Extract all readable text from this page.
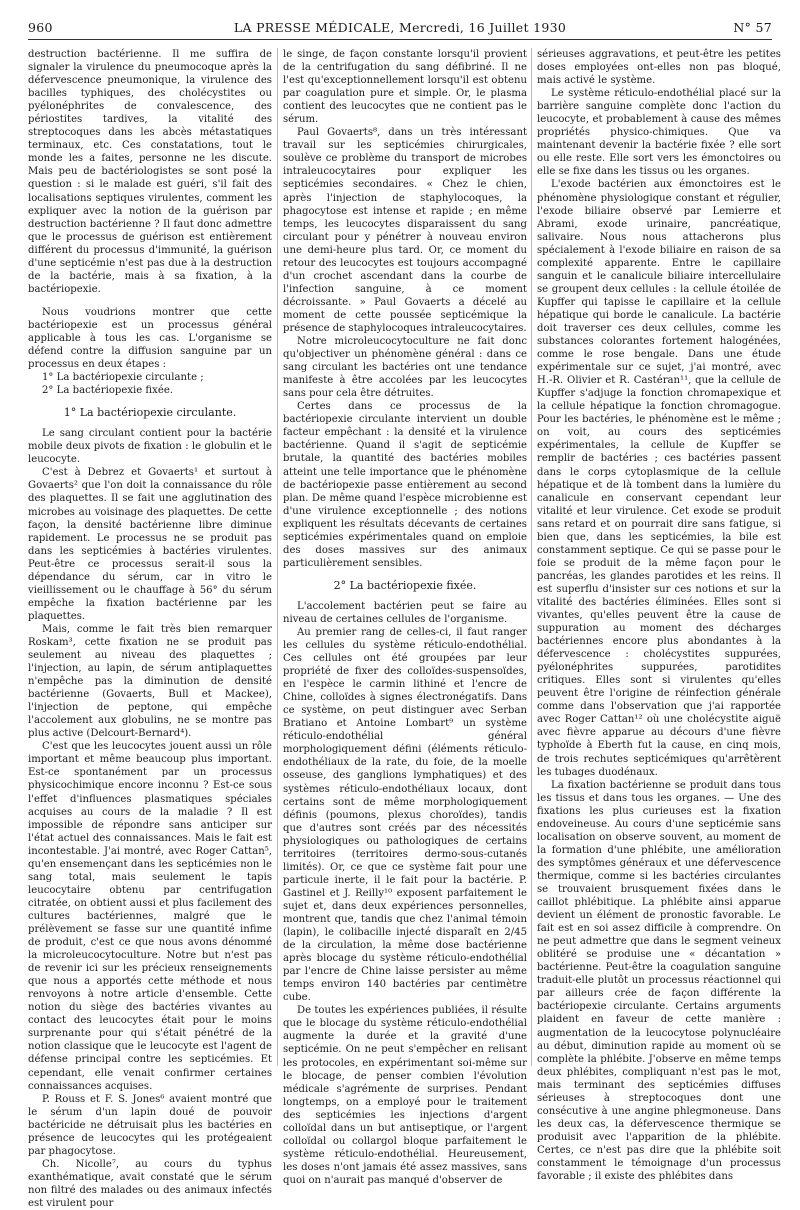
960	LA PRESSE MÉDICALE, Mercredi, 16 Juillet 1930	N° 57

destruction bactérienne. Il me suffira de signaler la virulence du pneumocoque après la défervescence pneumonique, la virulence des bacilles typhiques, des cholécystites ou pyélonéphrites de convalescence, des périostites tardives, la vitalité des streptocoques dans les abcès métastatiques terminaux, etc. Ces constatations, tout le monde les a faites, personne ne les discute. Mais peu de bactériologistes se sont posé la question : si le malade est guéri, s'il fait des localisations septiques virulentes, comment les expliquer avec la notion de la guérison par destruction bactérienne ? Il faut donc admettre que le processus de guérison est entièrement différent du processus d'immunité, la guérison d'une septicémie n'est pas due à la destruction de la bactérie, mais à sa fixation, à la bactériopexie.

Nous voudrions montrer que cette bactériopexie est un processus général applicable à tous les cas. L'organisme se défend contre la diffusion sanguine par un processus en deux étapes :

1° La bactériopexie circulante ;

2° La bactériopexie fixée.

1° La bactériopexie circulante.

Le sang circulant contient pour la bactérie mobile deux pivots de fixation : le globulin et le leucocyte.

C'est à Debrez et Govaerts¹ et surtout à Govaerts² que l'on doit la connaissance du rôle des plaquettes. Il se fait une agglutination des microbes au voisinage des plaquettes. De cette façon, la densité bactérienne libre diminue rapidement. Le processus ne se produit pas dans les septicémies à bactéries virulentes. Peut-être ce processus serait-il sous la dépendance du sérum, car in vitro le vieillissement ou le chauffage à 56° du sérum empêche la fixation bactérienne par les plaquettes.

Mais, comme le fait très bien remarquer Roskam³, cette fixation ne se produit pas seulement au niveau des plaquettes ; l'injection, au lapin, de sérum antiplaquettes n'empêche pas la diminution de densité bactérienne (Govaerts, Bull et Mackee), l'injection de peptone, qui empêche l'accolement aux globulins, ne se montre pas plus active (Delcourt-Bernard⁴).

C'est que les leucocytes jouent aussi un rôle important et même beaucoup plus important. Est-ce spontanément par un processus physicochimique encore inconnu ? Est-ce sous l'effet d'influences plasmatiques spéciales acquises au cours de la maladie ? Il est impossible de répondre sans anticiper sur l'état actuel des connaissances. Mais le fait est incontestable. J'ai montré, avec Roger Cattan⁵, qu'en ensemençant dans les septicémies non le sang total, mais seulement le tapis leucocytaire obtenu par centrifugation citratée, on obtient aussi et plus facilement des cultures bactériennes, malgré que le prélèvement se fasse sur une quantité infime de produit, c'est ce que nous avons dénommé la microleucocytoculture. Notre but n'est pas de revenir ici sur les précieux renseignements que nous a apportés cette méthode et nous renvoyons à notre article d'ensemble. Cette notion du siège des bactéries vivantes au contact des leucocytes était pour le moins surprenante pour qui s'était pénétré de la notion classique que le leucocyte est l'agent de défense principal contre les septicémies. Et cependant, elle venait confirmer certaines connaissances acquises.

P. Rouss et F. S. Jones⁶ avaient montré que le sérum d'un lapin doué de pouvoir bactéricide ne détruisait plus les bactéries en présence de leucocytes qui les protégeaient par phagocytose.

Ch. Nicolle⁷, au cours du typhus exanthématique, avait constaté que le sérum non filtré des malades ou des animaux infectés est virulent pour

le singe, de façon constante lorsqu'il provient de la centrifugation du sang défibriné. Il ne l'est qu'exceptionnellement lorsqu'il est obtenu par coagulation pure et simple. Or, le plasma contient des leucocytes que ne contient pas le sérum.

Paul Govaerts⁸, dans un très intéressant travail sur les septicémies chirurgicales, soulève ce problème du transport de microbes intraleucocytaires pour expliquer les septicémies secondaires. « Chez le chien, après l'injection de staphylocoques, la phagocytose est intense et rapide ; en même temps, les leucocytes disparaissent du sang circulant pour y pénétrer à nouveau environ une demi-heure plus tard. Or, ce moment du retour des leucocytes est toujours accompagné d'un crochet ascendant dans la courbe de l'infection sanguine, à ce moment décroissante. » Paul Govaerts a décelé au moment de cette poussée septicémique la présence de staphylocoques intraleucocytaires.

Notre microleucocytoculture ne fait donc qu'objectiver un phénomène général : dans ce sang circulant les bactéries ont une tendance manifeste à être accolées par les leucocytes sans pour cela être détruites.

Certes dans ce processus de la bactériopexie circulante intervient un double facteur empêchant : la densité et la virulence bactérienne. Quand il s'agit de septicémie brutale, la quantité des bactéries mobiles atteint une telle importance que le phénomène de bactériopexie passe entièrement au second plan. De même quand l'espèce microbienne est d'une virulence exceptionnelle ; des notions expliquent les résultats décevants de certaines septicémies expérimentales quand on emploie des doses massives sur des animaux particulièrement sensibles.

2° La bactériopexie fixée.

L'accolement bactérien peut se faire au niveau de certaines cellules de l'organisme.

Au premier rang de celles-ci, il faut ranger les cellules du système réticulo-endothélial. Ces cellules ont été groupées par leur propriété de fixer des colloïdes-suspensoïdes, en l'espèce le carmin lithiné et l'encre de Chine, colloïdes à signes électronégatifs. Dans ce système, on peut distinguer avec Serban Bratiano et Antoine Lombart⁹ un système réticulo-endothélial général morphologiquement défini (éléments réticulo-endothéliaux de la rate, du foie, de la moelle osseuse, des ganglions lymphatiques) et des systèmes réticulo-endothéliaux locaux, dont certains sont de même morphologiquement définis (poumons, plexus choroïdes), tandis que d'autres sont créés par des nécessités physiologiques ou pathologiques de certains territoires (territoires dermo-sous-cutanés limités). Or, ce que ce système fait pour une particule inerte, il le fait pour la bactérie. P. Gastinel et J. Reilly¹⁰ exposent parfaitement le sujet et, dans deux expériences personnelles, montrent que, tandis que chez l'animal témoin (lapin), le colibacille injecté disparaît en 2/45 de la circulation, la même dose bactérienne après blocage du système réticulo-endothélial par l'encre de Chine laisse persister au même temps environ 140 bactéries par centimètre cube.

De toutes les expériences publiées, il résulte que le blocage du système réticulo-endothélial augmente la durée et la gravité d'une septicémie. On ne peut s'empêcher en relisant les protocoles, en expérimentant soi-même sur le blocage, de penser combien l'évolution médicale s'agrémente de surprises. Pendant longtemps, on a employé pour le traitement des septicémies les injections d'argent colloïdal dans un but antiseptique, or l'argent colloïdal ou collargol bloque parfaitement le système réticulo-endothélial. Heureusement, les doses n'ont jamais été assez massives, sans quoi on n'aurait pas manqué d'observer de

sérieuses aggravations, et peut-être les petites doses employées ont-elles non pas bloqué, mais activé le système.

Le système réticulo-endothélial placé sur la barrière sanguine complète donc l'action du leucocyte, et probablement à cause des mêmes propriétés physico-chimiques. Que va maintenant devenir la bactérie fixée ? elle sort ou elle reste. Elle sort vers les émonctoires ou elle se fixe dans les tissus ou les organes.

L'exode bactérien aux émonctoires est le phénomène physiologique constant et régulier, l'exode biliaire observé par Lemierre et Abrami, exode urinaire, pancréatique, salivaire. Nous nous attacherons plus spécialement à l'exode biliaire en raison de sa complexité apparente. Entre le capillaire sanguin et le canalicule biliaire intercellulaire se groupent deux cellules : la cellule étoilée de Kupffer qui tapisse le capillaire et la cellule hépatique qui borde le canalicule. La bactérie doit traverser ces deux cellules, comme les substances colorantes fortement halogénées, comme le rose bengale. Dans une étude expérimentale sur ce sujet, j'ai montré, avec H.-R. Olivier et R. Castéran¹¹, que la cellule de Kupffer s'adjuge la fonction chromapexique et la cellule hépatique la fonction chromagogue. Pour les bactéries, le phénomène est le même ; on voit, au cours des septicémies expérimentales, la cellule de Kupffer se remplir de bactéries ; ces bactéries passent dans le corps cytoplasmique de la cellule hépatique et de là tombent dans la lumière du canalicule en conservant cependant leur vitalité et leur virulence. Cet exode se produit sans retard et on pourrait dire sans fatigue, si bien que, dans les septicémies, la bile est constamment septique. Ce qui se passe pour le foie se produit de la même façon pour le pancréas, les glandes parotides et les reins. Il est superflu d'insister sur ces notions et sur la vitalité des bactéries éliminées. Elles sont si vivantes, qu'elles peuvent être la cause de suppuration au moment des décharges bactériennes encore plus abondantes à la défervescence : cholécystites suppurées, pyélonéphrites suppurées, parotidites critiques. Elles sont si virulentes qu'elles peuvent être l'origine de réinfection générale comme dans l'observation que j'ai rapportée avec Roger Cattan¹² où une cholécystite aiguë avec fièvre apparue au décours d'une fièvre typhoïde à Eberth fut la cause, en cinq mois, de trois rechutes septicémiques qu'arrêtèrent les tubages duodénaux.

La fixation bactérienne se produit dans tous les tissus et dans tous les organes. — Une des fixations les plus curieuses est la fixation endoveineuse. Au cours d'une septicémie sans localisation on observe souvent, au moment de la formation d'une phlébite, une amélioration des symptômes généraux et une défervescence thermique, comme si les bactéries circulantes se trouvaient brusquement fixées dans le caillot phlébitique. La phlébite ainsi apparue devient un élément de pronostic favorable. Le fait est en soi assez difficile à comprendre. On ne peut admettre que dans le segment veineux oblitéré se produise une « décantation » bactérienne. Peut-être la coagulation sanguine traduit-elle plutôt un processus réactionnel qui par ailleurs crée de façon différente la bactériopexie circulante. Certains arguments plaident en faveur de cette manière : augmentation de la leucocytose polynucléaire au début, diminution rapide au moment où se complète la phlébite. J'observe en même temps deux phlébites, compliquant n'est pas le mot, mais terminant des septicémies diffuses sérieuses à streptocoques dont une consécutive à une angine phlegmoneuse. Dans les deux cas, la défervescence thermique se produisit avec l'apparition de la phlébite. Certes, ce n'est pas dire que la phlébite soit constamment le témoignage d'un processus favorable ; il existe des phlébites dans
